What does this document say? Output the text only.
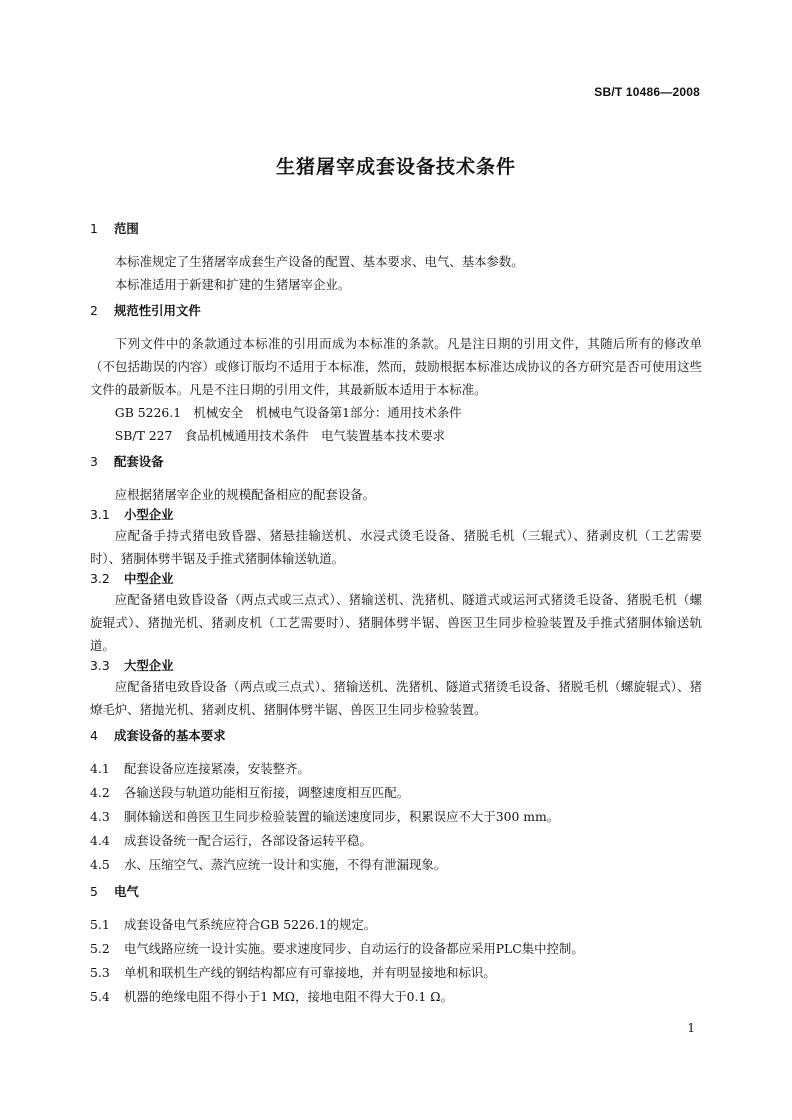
SB/T 10486—2008
生猪屠宰成套设备技术条件
1	范围

本标准规定了生猪屠宰成套生产设备的配置、基本要求、电气、基本参数。

本标准适用于新建和扩建的生猪屠宰企业。

2	规范性引用文件

下列文件中的条款通过本标准的引用而成为本标准的条款。凡是注日期的引用文件，其随后所有的修改单（不包括勘误的内容）或修订版均不适用于本标准，然而，鼓励根据本标准达成协议的各方研究是否可使用这些文件的最新版本。凡是不注日期的引用文件，其最新版本适用于本标准。

GB 5226.1　机械安全　机械电气设备第1部分：通用技术条件

SB/T 227　食品机械通用技术条件　电气装置基本技术要求

3	配套设备

应根据猪屠宰企业的规模配备相应的配套设备。

3.1	小型企业

应配备手持式猪电致昏器、猪悬挂输送机、水浸式烫毛设备、猪脱毛机（三辊式）、猪剥皮机（工艺需要时）、猪胴体劈半锯及手推式猪胴体输送轨道。

3.2	中型企业

应配备猪电致昏设备（两点式或三点式）、猪输送机、洗猪机、隧道式或运河式猪烫毛设备、猪脱毛机（螺旋辊式）、猪抛光机、猪剥皮机（工艺需要时）、猪胴体劈半锯、兽医卫生同步检验装置及手推式猪胴体输送轨道。

3.3	大型企业

应配备猪电致昏设备（两点或三点式）、猪输送机、洗猪机、隧道式猪烫毛设备、猪脱毛机（螺旋辊式）、猪燎毛炉、猪抛光机、猪剥皮机、猪胴体劈半锯、兽医卫生同步检验装置。

4	成套设备的基本要求
4.1	配套设备应连接紧凑，安装整齐。
4.2	各输送段与轨道功能相互衔接，调整速度相互匹配。
4.3	胴体输送和兽医卫生同步检验装置的输送速度同步，积累误应不大于300 mm。
4.4	成套设备统一配合运行，各部设备运转平稳。
4.5	水、压缩空气、蒸汽应统一设计和实施，不得有泄漏现象。
5	电气
5.1	成套设备电气系统应符合GB 5226.1的规定。
5.2	电气线路应统一设计实施。要求速度同步、自动运行的设备都应采用PLC集中控制。
5.3	单机和联机生产线的钢结构都应有可靠接地，并有明显接地和标识。
5.4	机器的绝缘电阻不得小于1 MΩ，接地电阻不得大于0.1 Ω。
1
